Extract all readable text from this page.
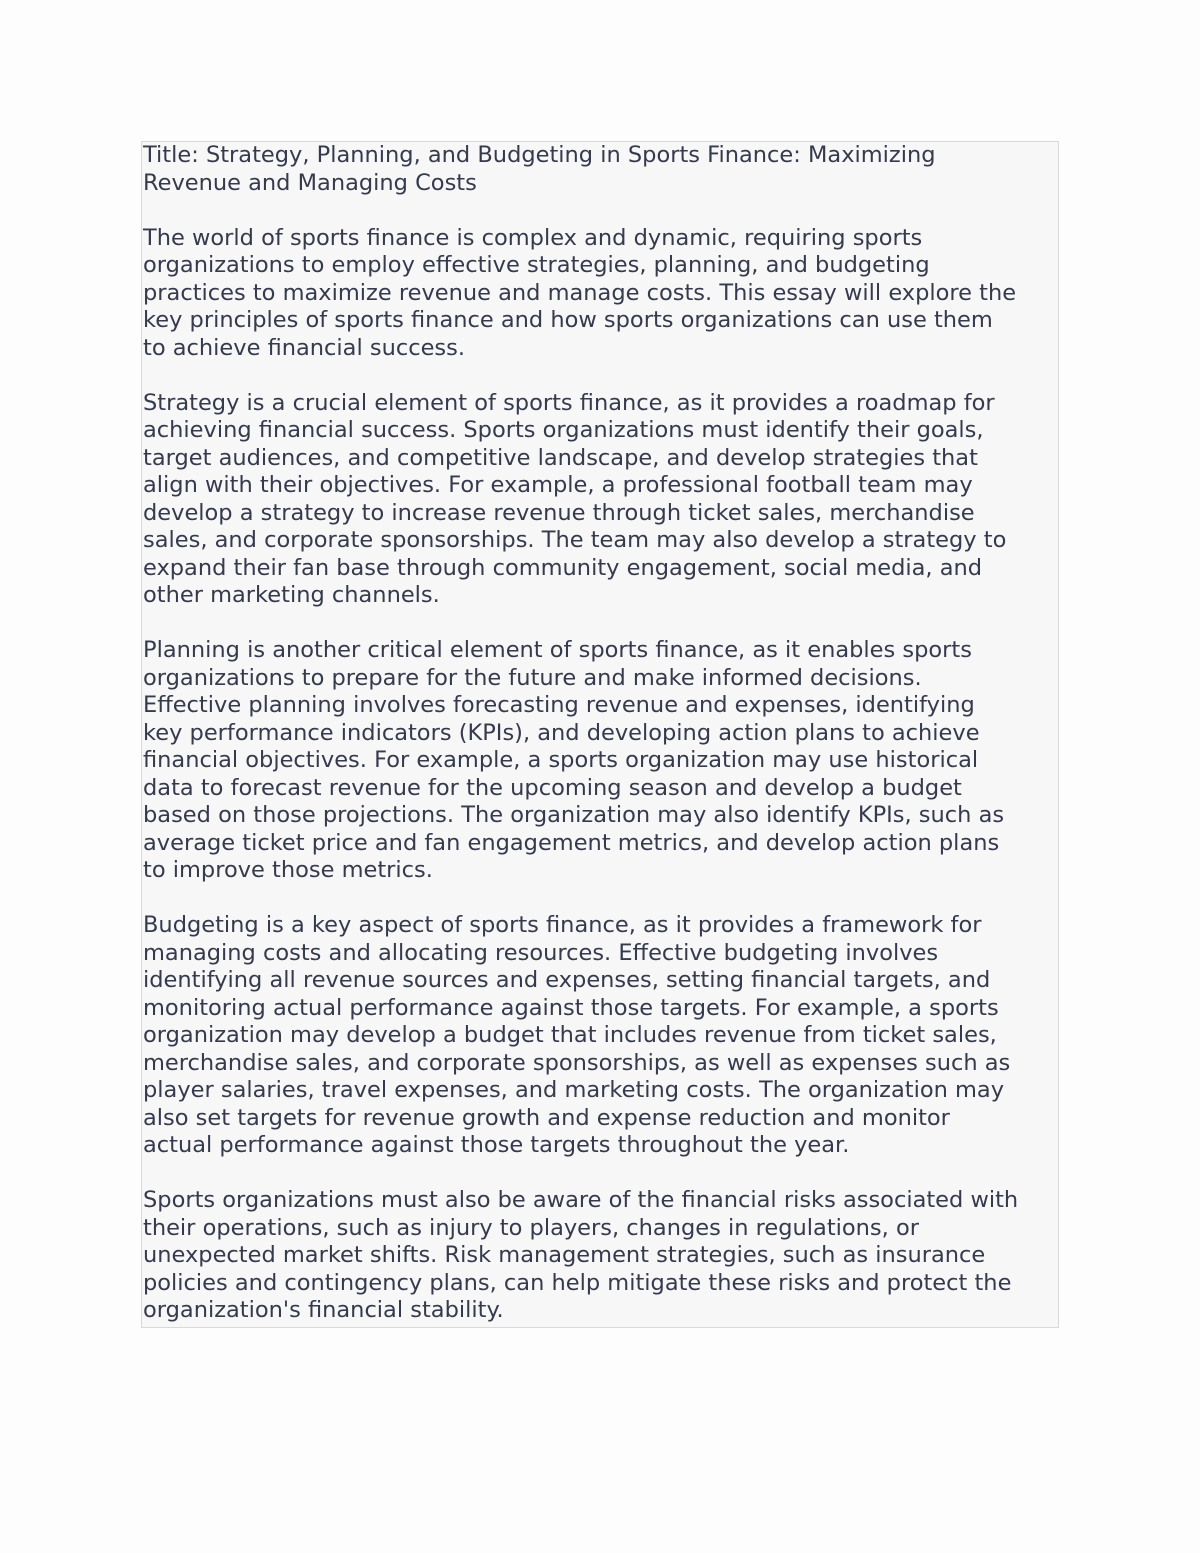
Title: Strategy, Planning, and Budgeting in Sports Finance: Maximizing
Revenue and Managing Costs

The world of sports finance is complex and dynamic, requiring sports
organizations to employ effective strategies, planning, and budgeting
practices to maximize revenue and manage costs. This essay will explore the
key principles of sports finance and how sports organizations can use them
to achieve financial success.

Strategy is a crucial element of sports finance, as it provides a roadmap for
achieving financial success. Sports organizations must identify their goals,
target audiences, and competitive landscape, and develop strategies that
align with their objectives. For example, a professional football team may
develop a strategy to increase revenue through ticket sales, merchandise
sales, and corporate sponsorships. The team may also develop a strategy to
expand their fan base through community engagement, social media, and
other marketing channels.

Planning is another critical element of sports finance, as it enables sports
organizations to prepare for the future and make informed decisions.
Effective planning involves forecasting revenue and expenses, identifying
key performance indicators (KPIs), and developing action plans to achieve
financial objectives. For example, a sports organization may use historical
data to forecast revenue for the upcoming season and develop a budget
based on those projections. The organization may also identify KPIs, such as
average ticket price and fan engagement metrics, and develop action plans
to improve those metrics.

Budgeting is a key aspect of sports finance, as it provides a framework for
managing costs and allocating resources. Effective budgeting involves
identifying all revenue sources and expenses, setting financial targets, and
monitoring actual performance against those targets. For example, a sports
organization may develop a budget that includes revenue from ticket sales,
merchandise sales, and corporate sponsorships, as well as expenses such as
player salaries, travel expenses, and marketing costs. The organization may
also set targets for revenue growth and expense reduction and monitor
actual performance against those targets throughout the year.

Sports organizations must also be aware of the financial risks associated with
their operations, such as injury to players, changes in regulations, or
unexpected market shifts. Risk management strategies, such as insurance
policies and contingency plans, can help mitigate these risks and protect the
organization's financial stability.
